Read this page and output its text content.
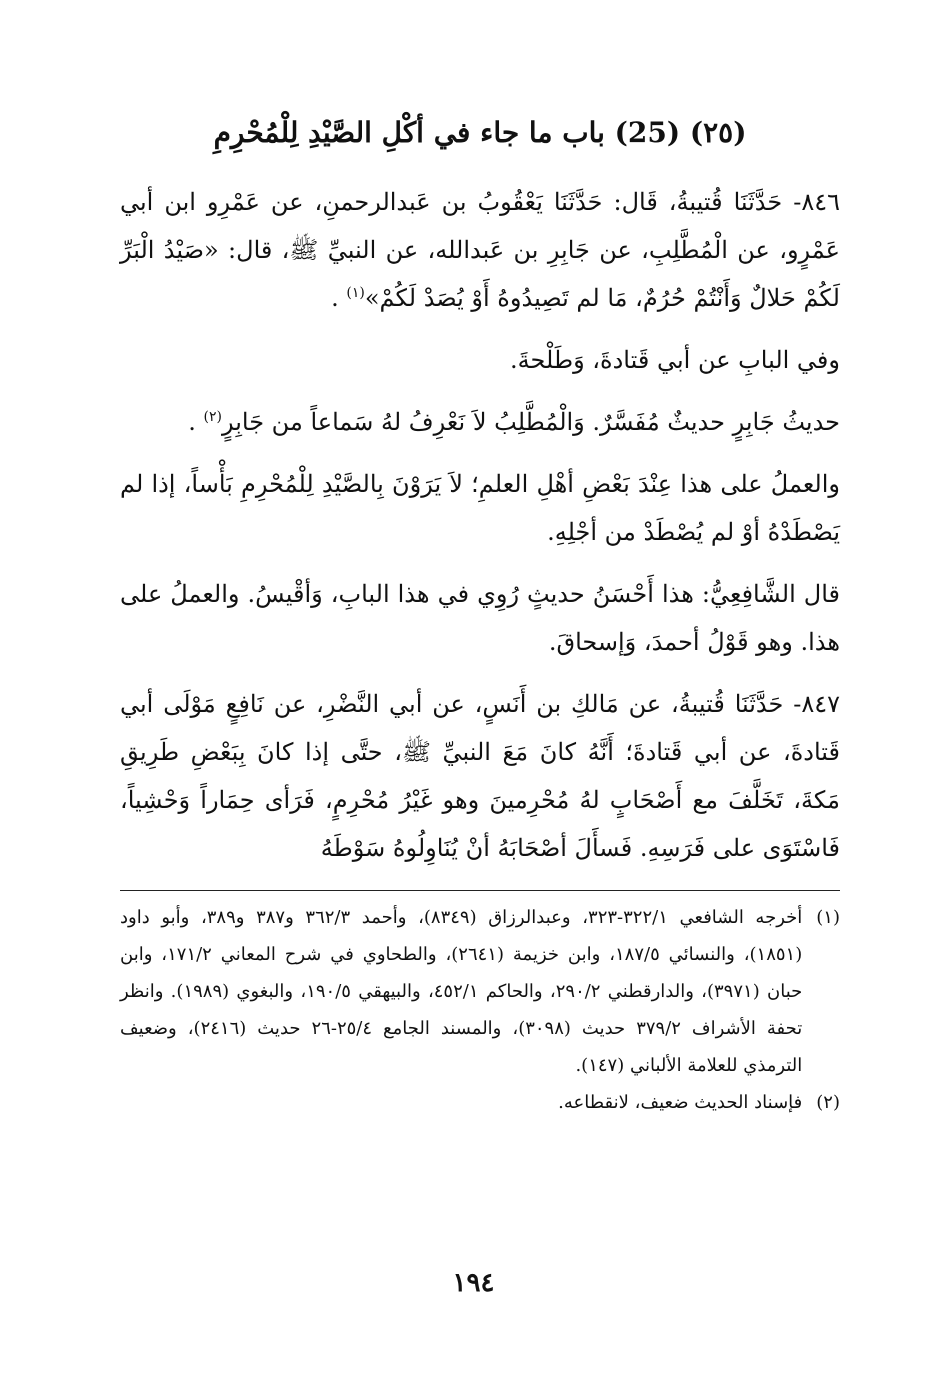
(٢٥) (25) باب ما جاء في أكْلِ الصَّيْدِ لِلْمُحْرِمِ
٨٤٦- حَدَّثَنَا قُتيبةُ، قَال: حَدَّثَنَا يَعْقُوبُ بن عَبدالرحمنِ، عن عَمْرِو ابن أبي عَمْرٍو، عن الْمُطَّلِبِ، عن جَابِرِ بن عَبدالله، عن النبيِّ ﷺ، قال: «صَيْدُ الْبَرِّ لَكُمْ حَلالٌ وَأَنْتُمْ حُرُمٌ، مَا لم تَصِيدُوهُ أَوْ يُصَدْ لَكُمْ»$^{(١)}$ .
وفي البابِ عن أبي قَتادةَ، وَطَلْحةَ.
حديثُ جَابِرٍ حديثٌ مُفَسَّرٌ. وَالْمُطَّلِبُ لاَ نَعْرِفُ لهُ سَماعاً من جَابِرٍ$^{(٢)}$ .
والعملُ على هذا عِنْدَ بَعْضِ أهْلِ العلمِ؛ لاَ يَرَوْنَ بِالصَّيْدِ لِلْمُحْرِمِ بَأْساً، إذا لم يَصْطَدْهُ أوْ لم يُصْطَدْ من أجْلِهِ.
قال الشَّافِعِيُّ: هذا أَحْسَنُ حديثٍ رُوِي في هذا البابِ، وَأقْيسُ. والعملُ على هذا. وهو قَوْلُ أحمدَ، وَإسحاقَ.
٨٤٧- حَدَّثَنَا قُتيبةُ، عن مَالكِ بن أَنَسٍ، عن أبي النَّضْرِ، عن نَافِعٍ مَوْلَى أبي قَتادةَ، عن أبي قَتادةَ؛ أَنَّهُ كانَ مَعَ النبيِّ ﷺ، حتَّى إذا كانَ بِبَعْضِ طَرِيقِ مَكةَ، تَخَلَّفَ مع أَصْحَابٍ لهُ مُحْرِمينَ وهو غَيْرُ مُحْرِمٍ، فَرَأى حِمَاراً وَحْشِياً، فَاسْتَوَى على فَرَسِهِ. فَسأَلَ أصْحَابَهُ أنْ يُنَاوِلُوهُ سَوْطَهُ
(١)
أخرجه الشافعي ٣٢٢/١-٣٢٣، وعبدالرزاق (٨٣٤٩)، وأحمد ٣٦٢/٣ و٣٨٧ و٣٨٩، وأبو داود (١٨٥١)، والنسائي ١٨٧/٥، وابن خزيمة (٢٦٤١)، والطحاوي في شرح المعاني ١٧١/٢، وابن حبان (٣٩٧١)، والدارقطني ٢٩٠/٢، والحاكم ٤٥٢/١، والبيهقي ١٩٠/٥، والبغوي (١٩٨٩). وانظر تحفة الأشراف ٣٧٩/٢ حديث (٣٠٩٨)، والمسند الجامع ٢٥/٤-٢٦ حديث (٢٤١٦)، وضعيف الترمذي للعلامة الألباني (١٤٧).
(٢)
فإسناد الحديث ضعيف، لانقطاعه.
١٩٤
